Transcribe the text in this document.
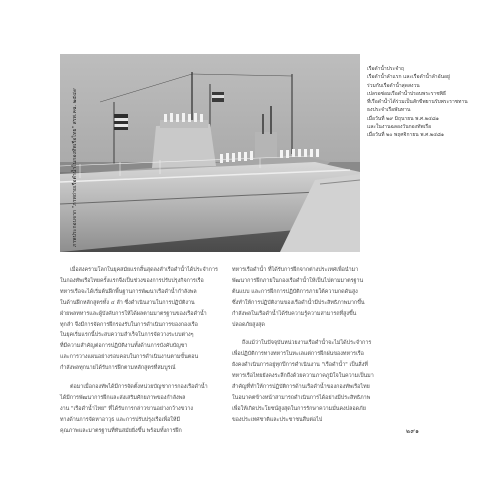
ภาพประกอบจาก "ภาพถ่ายเรือดำน้ำในกองทัพเรือไทย" สรพ.คฉ. ๒๕๔๙
เรือดำน้ำประจำฤ
เรือดำน้ำลำแรก และเรือดำน้ำลำอันอยู่
ร่วมกับเรือดำน้ำสุดสงวน
เปลรอซ่อมเรือดำน้ำปรอบพระราชพิธี
ที่เรือดำน้ำได้ร่วมเป็นสักขีพยานรับพระราชทาน
ธงประจำเรือพันทาน
เมื่อวันที่ ๒๙ มิถุนายน พ.ศ.๒๔๘๑
และในงานฉลองวันกองทัพเรือ
เมื่อวันที่ ๒๐ พฤศจิกายน พ.ศ.๒๔๘๑

เมื่อสงครามโลกในยุคสมัยแรกสิ้นสุดลงลำเรือดำน้ำได้ประจำการ
ในกองทัพเรือไทยครั้งแรกจึงเป็นช่วงของการปรับปรุงกิจการเรือ
ทหารเรือจะได้เริ่มต้นฝึกพื้นฐานการพัฒนาเรือดำน้ำกำลังพล
ในด้านฝึกหลักสูตรทั้ง ๔ ลำ ซึ่งดำเนินงานในการปฏิบัติงาน
ฝ่ายพลทหารและผู้บังคับการให้ได้ผลตามมาตรฐานของเรือดำน้ำ
ทุกลำ จึงมีการจัดการฝึกรองรับในการดำเนินการของกองเรือ
ในยุคเริ่มแรกนี้ประสบความสำเร็จในการจัดวางระบบต่างๆ
ที่มีความสำคัญต่อการปฏิบัติงานทั้งด้านการบังคับบัญชา
และการวางแผนอย่างรอบคอบในการดำเนินงานตามขั้นตอน
กำลังพลทุกนายได้รับการฝึกตามหลักสูตรที่สมบูรณ์

ต่อมาเมื่อกองทัพได้มีการจัดตั้งหน่วยบัญชาการกองเรือดำน้ำ
ได้มีการพัฒนาการฝึกและส่งเสริมศักยภาพของกำลังพล
งาน "เรือดำน้ำไทย" ที่ได้รับการกล่าวขานอย่างกว้างขวาง
ทางด้านการจัดหาอาวุธ และการปรับปรุงเรือเพื่อให้มี
คุณภาพและมาตรฐานที่ทันสมัยยิ่งขึ้น พร้อมทั้งการฝึก

ทหารเรือดำน้ำ ที่ได้รับการฝึกจากต่างประเทศเพื่อนำมา
พัฒนาการฝึกภายในกองเรือดำน้ำให้เป็นไปตามมาตรฐาน
ต้นแบบ และการฝึกการปฏิบัติการภายใต้ความกดดันสูง
ซึ่งทำให้การปฏิบัติงานของเรือดำน้ำมีประสิทธิภาพมากขึ้น
กำลังพลในเรือดำน้ำได้รับความรู้ความสามารถที่สูงขึ้น
ปลอดภัยสูงสุด

ถึงแม้ว่าในปัจจุบันหน่วยงานเรือดำน้ำจะไม่ได้ประจำการ
เพื่อปฏิบัติการทางทหารในทะเลแต่การฝึกฝนของทหารเรือ
ยังคงดำเนินการอยู่ทุกปีการดำเนินงาน "เรือดำน้ำ" เป็นสิ่งที่
ทหารเรือไทยยังคงระลึกถึงด้วยความภาคภูมิใจในความเป็นมา
สำคัญที่ทำให้การปฏิบัติการด้านเรือดำน้ำของกองทัพเรือไทย
ในอนาคตข้างหน้าสามารถดำเนินการได้อย่างมีประสิทธิภาพ
เพื่อให้เกิดประโยชน์สูงสุดในการรักษาความมั่นคงปลอดภัย
ของประเทศชาติและประชาชนสืบต่อไป

๒๙๑
